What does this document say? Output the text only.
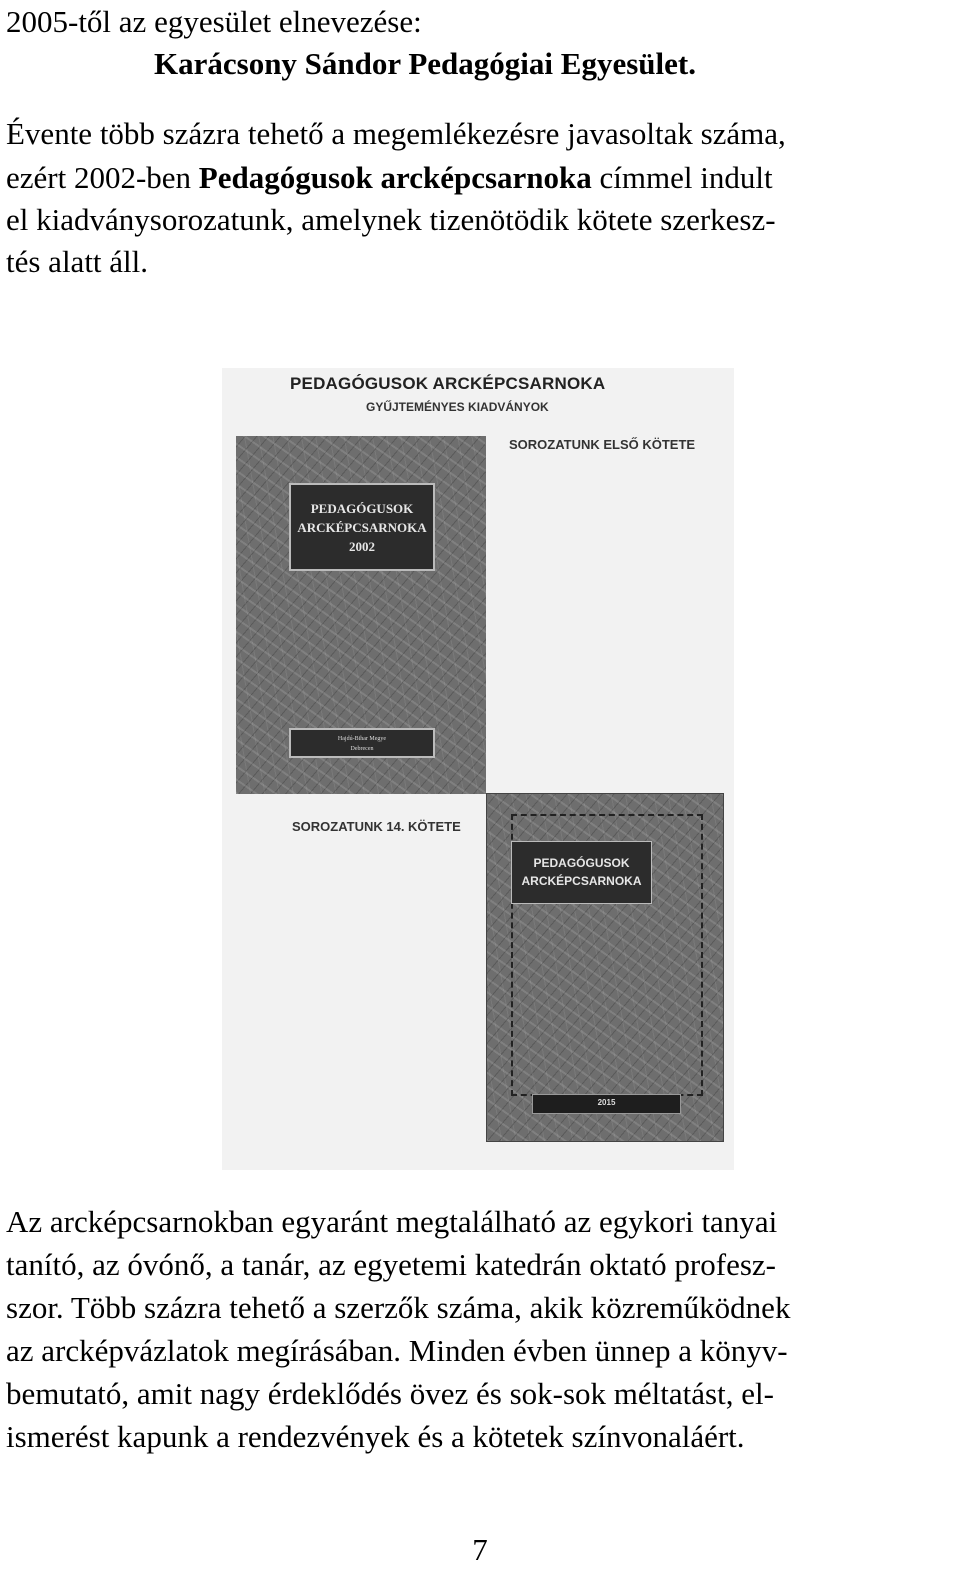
2005-től az egyesület elnevezése:

Karácsony Sándor Pedagógiai Egyesület.

Évente több százra tehető a megemlékezésre javasoltak száma,

ezért 2002-ben Pedagógusok arcképcsarnoka címmel indult

el kiadványsorozatunk, amelynek tizenötödik kötete szerkesz-

tés alatt áll.

PEDAGÓGUSOK ARCKÉPCSARNOKA
GYŰJTEMÉNYES KIADVÁNYOK
SOROZATUNK ELSŐ KÖTETE
PEDAGÓGUSOK
ARCKÉPCSARNOKA
2002
Hajdú-Bihar Megye
Debrecen
SOROZATUNK 14. KÖTETE
PEDAGÓGUSOK
ARCKÉPCSARNOKA
2015

Az arcképcsarnokban egyaránt megtalálható az egykori tanyai

tanító, az óvónő, a tanár, az egyetemi katedrán oktató profesz-

szor. Több százra tehető a szerzők száma, akik közreműködnek

az arcképvázlatok megírásában. Minden évben ünnep a könyv-

bemutató, amit nagy érdeklődés övez és sok-sok méltatást, el-

ismerést kapunk a rendezvények és a kötetek színvonaláért.

7
